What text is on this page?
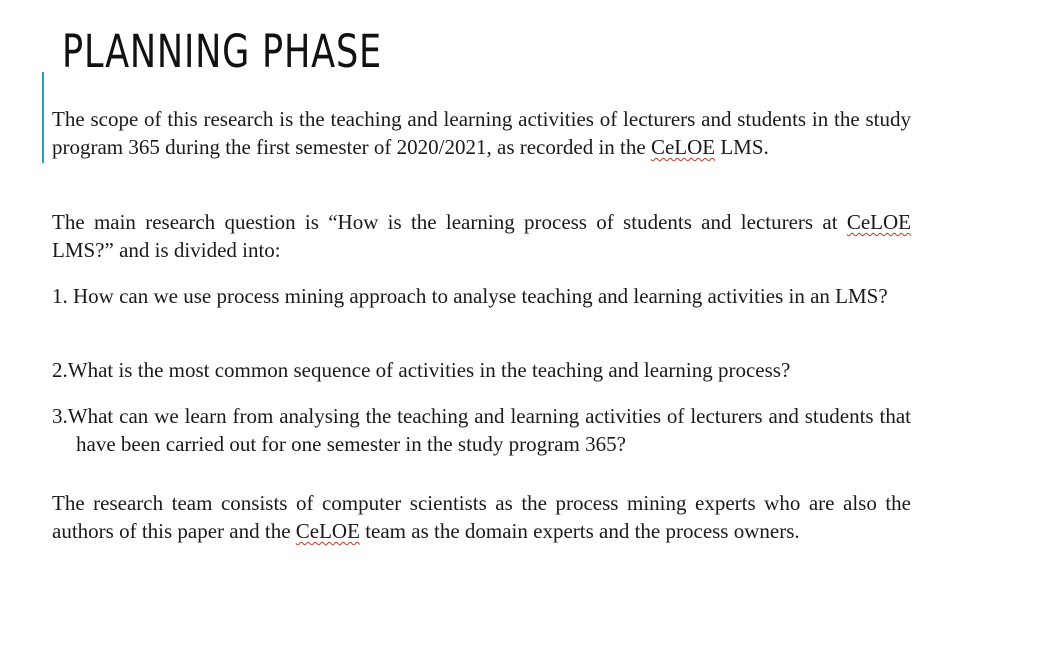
PLANNING PHASE

The scope of this research is the teaching and learning activities of lecturers and students in the study program 365 during the first semester of 2020/2021, as recorded in the CeLOE LMS.

The main research question is “How is the learning process of students and lecturers at CeLOE LMS?” and is divided into:

1. How can we use process mining approach to analyse teaching and learning activities in an LMS?
2.What is the most common sequence of activities in the teaching and learning process?
3.What can we learn from analysing the teaching and learning activities of lecturers and students that have been carried out for one semester in the study program 365?

The research team consists of computer scientists as the process mining experts who are also the authors of this paper and the CeLOE team as the domain experts and the process owners.
